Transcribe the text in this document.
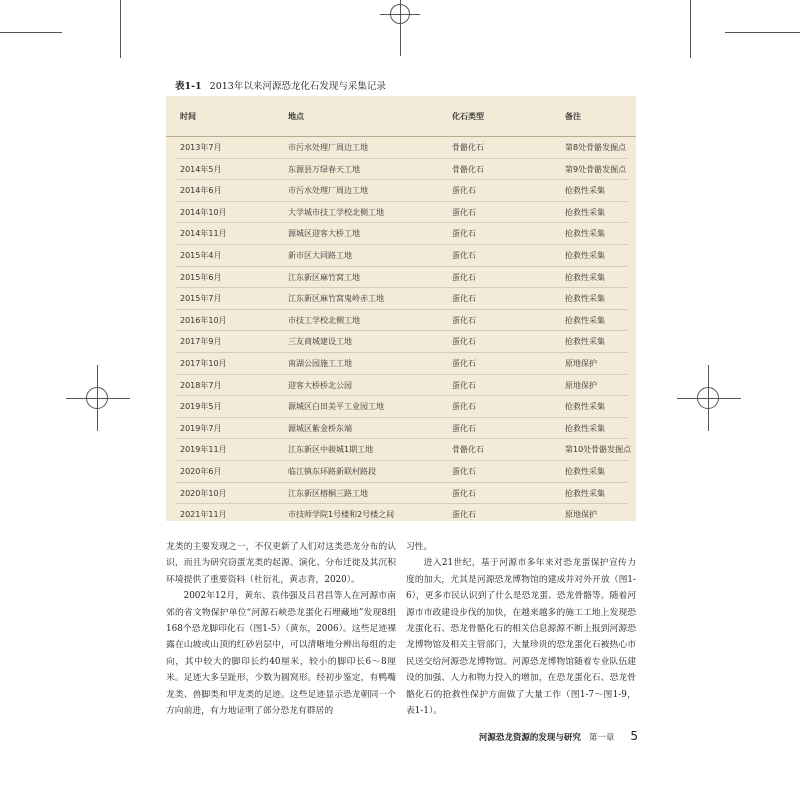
表1-1 2013年以来河源恐龙化石发现与采集记录
时间	地点	化石类型	备注
2013年7月	市污水处理厂周边工地	骨骼化石	第8处骨骼发掘点
2014年5月	东源县万绿春天工地	骨骼化石	第9处骨骼发掘点
2014年6月	市污水处理厂周边工地	蛋化石	抢救性采集
2014年10月	大学城市技工学校北侧工地	蛋化石	抢救性采集
2014年11月	源城区迎客大桥工地	蛋化石	抢救性采集
2015年4月	新市区大同路工地	蛋化石	抢救性采集
2015年6月	江东新区麻竹窝工地	蛋化石	抢救性采集
2015年7月	江东新区麻竹窝鬼岭赤工地	蛋化石	抢救性采集
2016年10月	市技工学校北侧工地	蛋化石	抢救性采集
2017年9月	三友商城建设工地	蛋化石	抢救性采集
2017年10月	南湖公园施工工地	蛋化石	原地保护
2018年7月	迎客大桥桥北公园	蛋化石	原地保护
2019年5月	源城区白田美平工业园工地	蛋化石	抢救性采集
2019年7月	源城区紫金桥东端	蛋化石	抢救性采集
2019年11月	江东新区中骏城1期工地	骨骼化石	第10处骨骼发掘点
2020年6月	临江镇东环路新联村路段	蛋化石	抢救性采集
2020年10月	江东新区榕桐三路工地	蛋化石	抢救性采集
2021年11月	市技师学院1号楼和2号楼之间	蛋化石	原地保护

龙类的主要发现之一，不仅更新了人们对这类恐龙分布的认识，而且为研究窃蛋龙类的起源、演化、分布迁徙及其沉积环境提供了重要资料（杜衍礼，黄志青，2020）。

2002年12月，黄东、袁伟强及吕君昌等人在河源市南郊的省文物保护单位“河源石峡恐龙蛋化石埋藏地”发现8组168个恐龙脚印化石（图1-5）（黄东，2006）。这些足迹裸露在山坡或山顶的红砂岩层中，可以清晰地分辨出每组的走向，其中较大的脚印长约40厘米，较小的脚印长6～8厘米。足迹大多呈趾形，少数为圆窝形。经初步鉴定，有鸭嘴龙类、兽脚类和甲龙类的足迹。这些足迹显示恐龙朝同一个方向前进，有力地证明了部分恐龙有群居的

习性。

进入21世纪，基于河源市多年来对恐龙蛋保护宣传力度的加大，尤其是河源恐龙博物馆的建成并对外开放（图1-6），更多市民认识到了什么是恐龙蛋、恐龙骨骼等。随着河源市市政建设步伐的加快，在越来越多的施工工地上发现恐龙蛋化石、恐龙骨骼化石的相关信息源源不断上报到河源恐龙博物馆及相关主管部门，大量珍贵的恐龙蛋化石被热心市民送交给河源恐龙博物馆。河源恐龙博物馆随着专业队伍建设的加强、人力和物力投入的增加，在恐龙蛋化石、恐龙骨骼化石的抢救性保护方面做了大量工作（图1-7～图1-9，表1-1）。

河源恐龙资源的发现与研究 第一章 5
